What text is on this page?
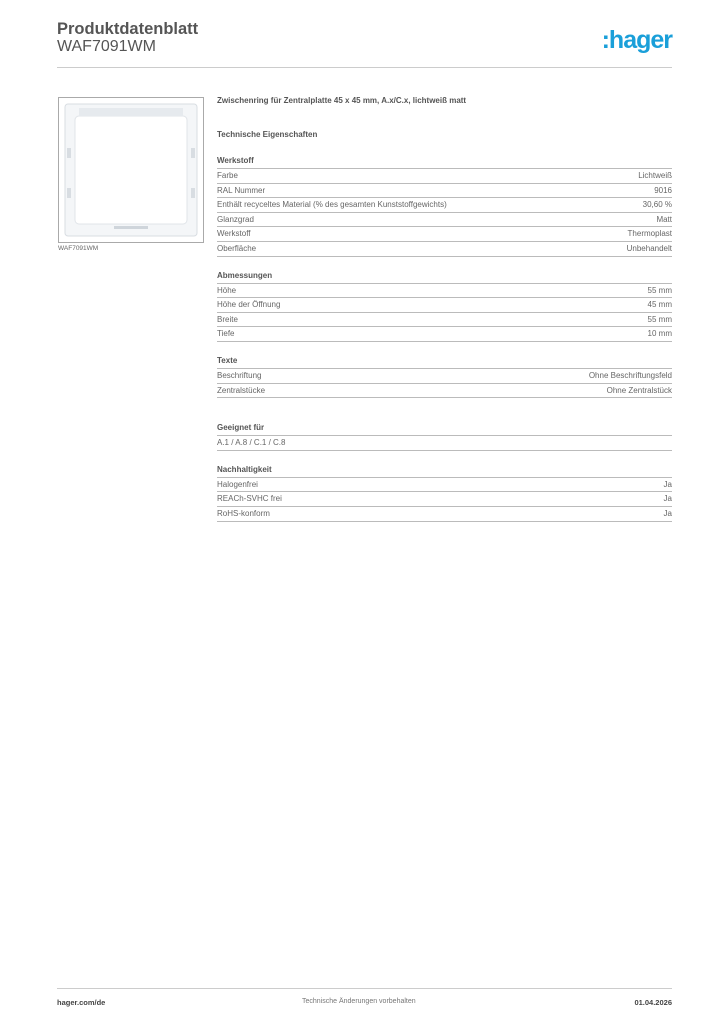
Produktdatenblatt
WAF7091WM	:hager
WAF7091WM
Zwischenring für Zentralplatte 45 x 45 mm, A.x/C.x, lichtweiß matt
Technische Eigenschaften
Werkstoff
Farbe	Lichtweiß
RAL Nummer	9016
Enthält recyceltes Material (% des gesamten Kunststoffgewichts)	30,60 %
Glanzgrad	Matt
Werkstoff	Thermoplast
Oberfläche	Unbehandelt
Abmessungen
Höhe	55 mm
Höhe der Öffnung	45 mm
Breite	55 mm
Tiefe	10 mm
Texte
Beschriftung	Ohne Beschriftungsfeld
Zentralstücke	Ohne Zentralstück
Geeignet für
A.1 / A.8 / C.1 / C.8
Nachhaltigkeit
Halogenfrei	Ja
REACh-SVHC frei	Ja
RoHS-konform	Ja
hager.com/de	Technische Änderungen vorbehalten	01.04.2026
